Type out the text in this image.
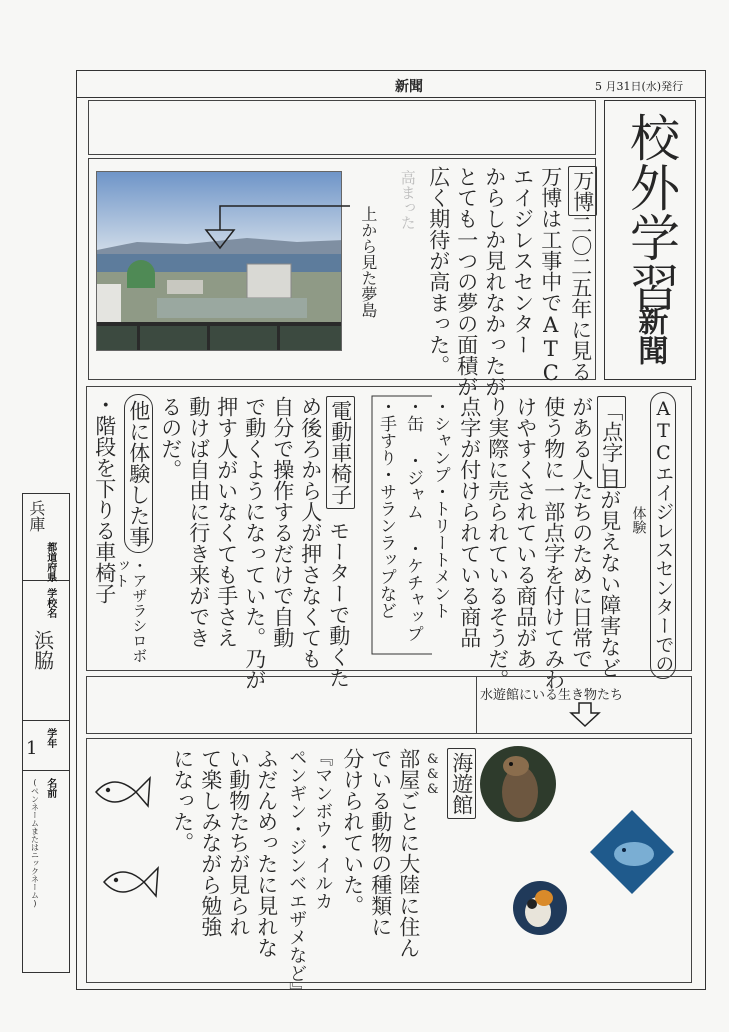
新聞	5 月31日(水)発行
校外学習
新聞
上から見た夢島
万博
二〇二五年に見る
万博は工事中でATC
エイジレスセンター
からしか見れなかったが
とても一つの夢の面積が
広く期待が高まった。
高まった
ATCエイジレスセンターでの
体験
「点字」
目が見えない障害など
がある人たちのために日常で
使う物に一部点字を付けてみわ
けやすくされている商品があ
り実際に売られているそうだ。
点字が付けられている商品
・シャンプ・トリートメント
・缶 ・ジャム ・ケチャップ
・手すり・サランラップなど
電動車椅子
モーターで動くた
め後ろから人が押さなくても
自分で操作するだけで自動
で動くようになっていた。乃が
押す人がいなくても手さえ
動けば自由に行き来ができ
るのだ。
他に体験した事
・アザラシロボット
・階段を下りる車椅子
水遊館にいる生き物たち
海遊館
&&&
部屋ごとに大陸に住ん
でいる動物の種類に
分けられていた。
『マンボウ・イルカ
ペンギン・ジンベエザメなど』
ふだんめったに見れな
い動物たちが見られ
て楽しみながら勉強
になった。
都道府県
兵庫
学校名
浜脇
学年
1
名前
(ペンネームまたはニックネーム)
